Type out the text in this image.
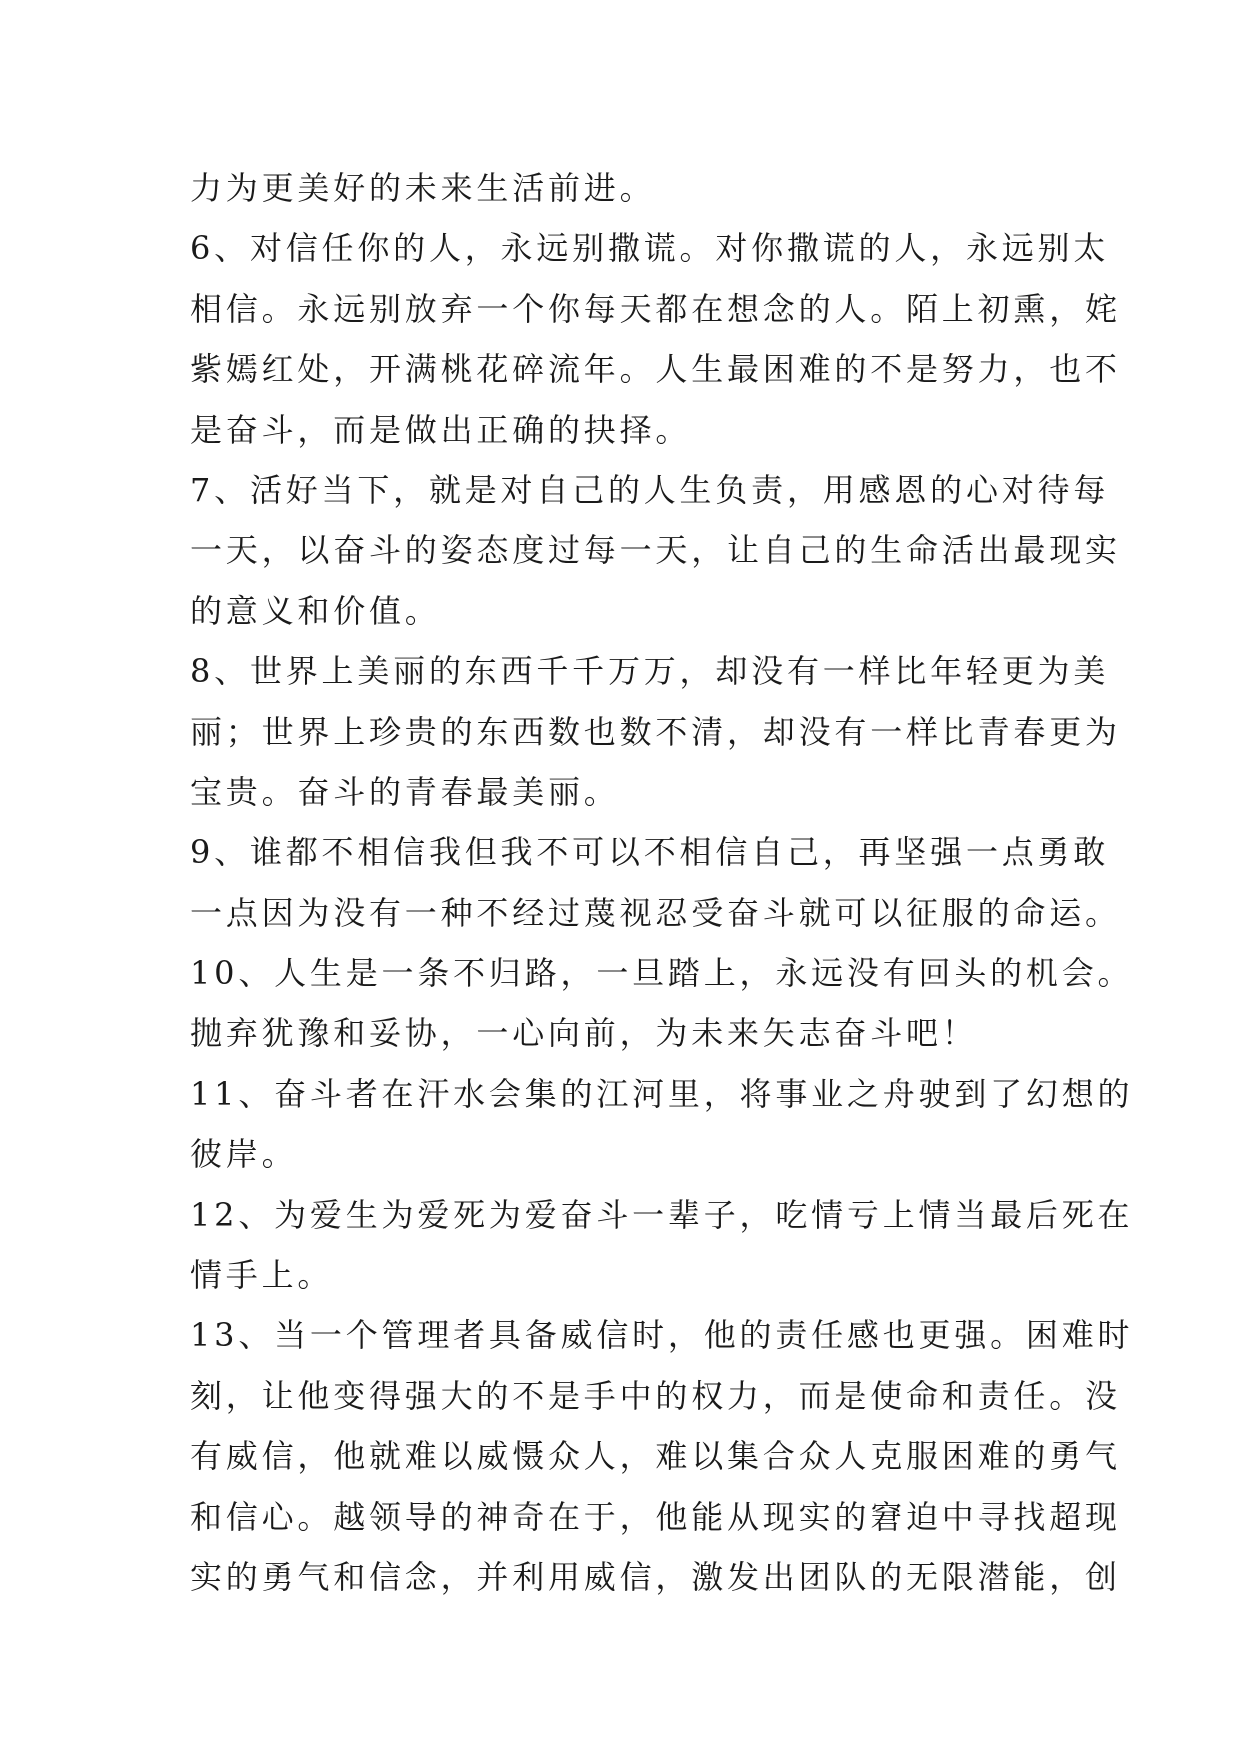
力为更美好的未来生活前进。
6、对信任你的人，永远别撒谎。对你撒谎的人，永远别太
相信。永远别放弃一个你每天都在想念的人。陌上初熏，姹
紫嫣红处，开满桃花碎流年。人生最困难的不是努力，也不
是奋斗，而是做出正确的抉择。
7、活好当下，就是对自己的人生负责，用感恩的心对待每
一天，以奋斗的姿态度过每一天，让自己的生命活出最现实
的意义和价值。
8、世界上美丽的东西千千万万，却没有一样比年轻更为美
丽；世界上珍贵的东西数也数不清，却没有一样比青春更为
宝贵。奋斗的青春最美丽。
9、谁都不相信我但我不可以不相信自己，再坚强一点勇敢
一点因为没有一种不经过蔑视忍受奋斗就可以征服的命运。
10、人生是一条不归路，一旦踏上，永远没有回头的机会。
抛弃犹豫和妥协，一心向前，为未来矢志奋斗吧！
11、奋斗者在汗水会集的江河里，将事业之舟驶到了幻想的
彼岸。
12、为爱生为爱死为爱奋斗一辈子，吃情亏上情当最后死在
情手上。
13、当一个管理者具备威信时，他的责任感也更强。困难时
刻，让他变得强大的不是手中的权力，而是使命和责任。没
有威信，他就难以威慑众人，难以集合众人克服困难的勇气
和信心。越领导的神奇在于，他能从现实的窘迫中寻找超现
实的勇气和信念，并利用威信，激发出团队的无限潜能，创
